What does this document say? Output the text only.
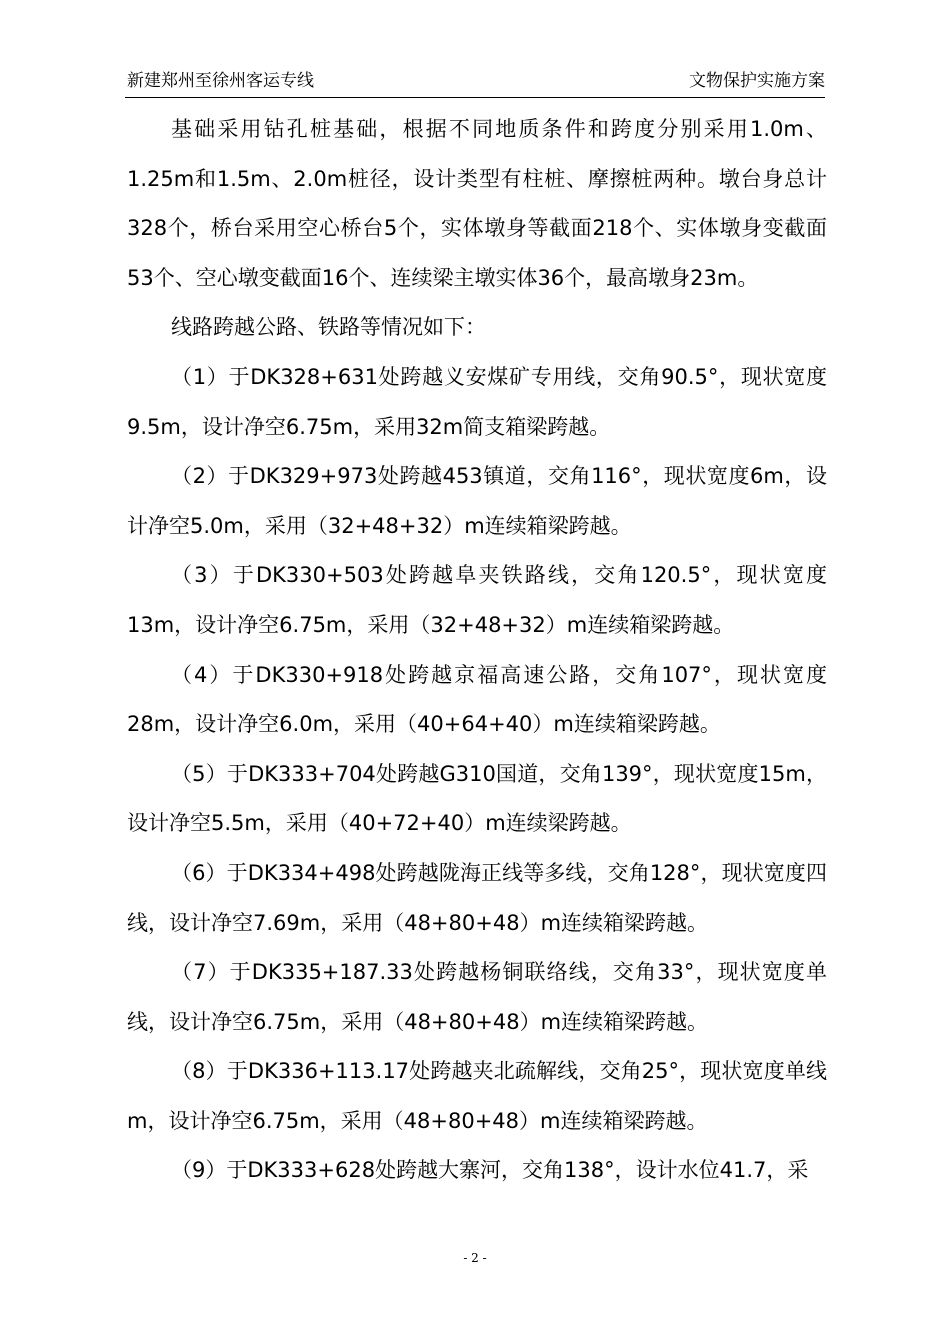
新建郑州至徐州客运专线	文物保护实施方案

基础采用钻孔桩基础，根据不同地质条件和跨度分别采用1.0m、1.25m和1.5m、2.0m桩径，设计类型有柱桩、摩擦桩两种。墩台身总计328个，桥台采用空心桥台5个，实体墩身等截面218个、实体墩身变截面53个、空心墩变截面16个、连续梁主墩实体36个，最高墩身23m。

线路跨越公路、铁路等情况如下：

（1）于DK328+631处跨越义安煤矿专用线，交角90.5°，现状宽度9.5m，设计净空6.75m，采用32m简支箱梁跨越。

（2）于DK329+973处跨越453镇道，交角116°，现状宽度6m，设计净空5.0m，采用（32+48+32）m连续箱梁跨越。

（3）于DK330+503处跨越阜夹铁路线，交角120.5°，现状宽度13m，设计净空6.75m，采用（32+48+32）m连续箱梁跨越。

（4）于DK330+918处跨越京福高速公路，交角107°，现状宽度28m，设计净空6.0m，采用（40+64+40）m连续箱梁跨越。

（5）于DK333+704处跨越G310国道，交角139°，现状宽度15m，设计净空5.5m，采用（40+72+40）m连续梁跨越。

（6）于DK334+498处跨越陇海正线等多线，交角128°，现状宽度四线，设计净空7.69m，采用（48+80+48）m连续箱梁跨越。

（7）于DK335+187.33处跨越杨铜联络线，交角33°，现状宽度单线，设计净空6.75m，采用（48+80+48）m连续箱梁跨越。

（8）于DK336+113.17处跨越夹北疏解线，交角25°，现状宽度单线m，设计净空6.75m，采用（48+80+48）m连续箱梁跨越。

（9）于DK333+628处跨越大寨河，交角138°，设计水位41.7，采

- 2 -
